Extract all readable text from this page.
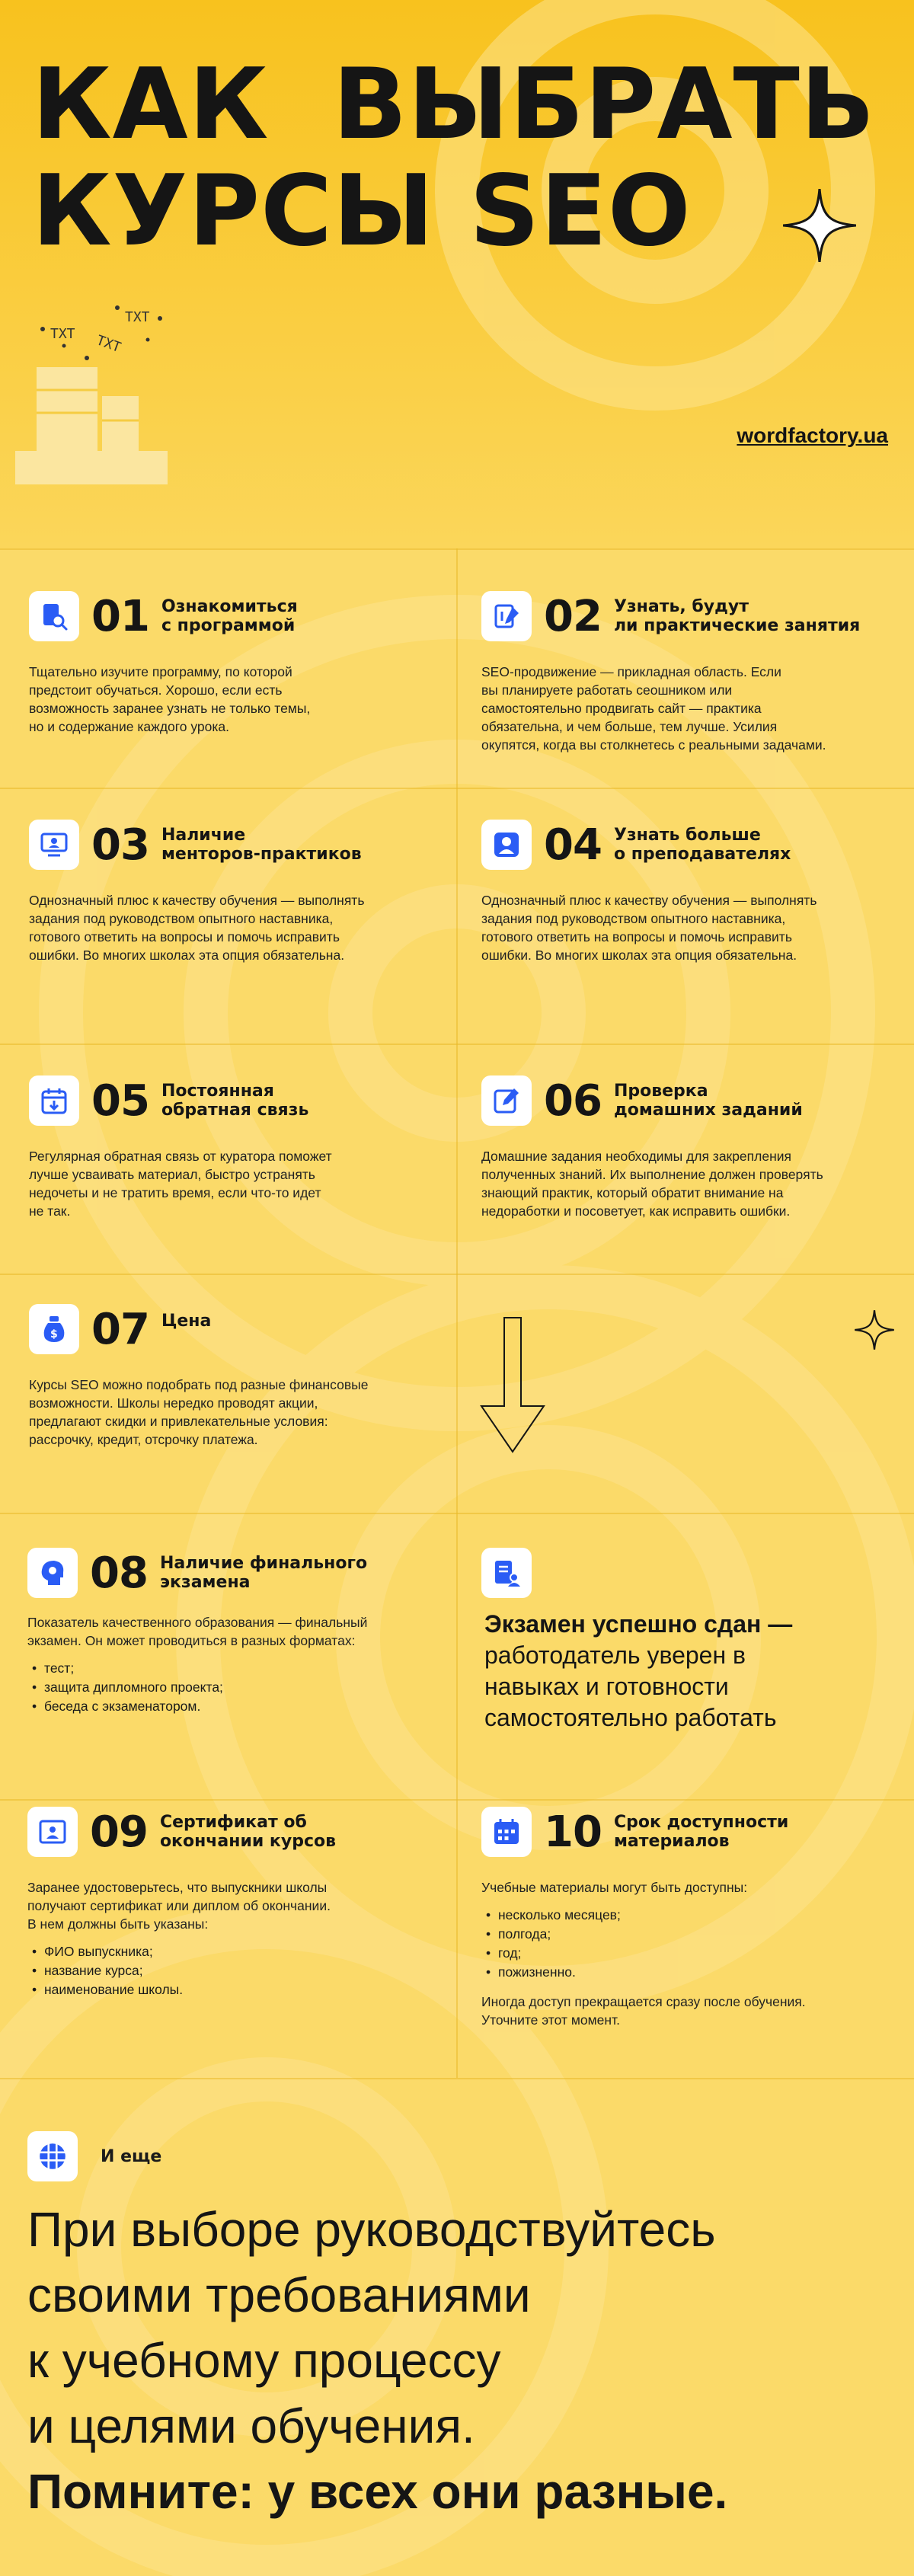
КАК ВЫБРАТЬ
КУРСЫ SEO
TXT TXT
TXT
wordfactory.ua
01 Ознакомиться
с программой
Тщательно изучите программу, по которой
предстоит обучаться. Хорошо, если есть
возможность заранее узнать не только темы,
но и содержание каждого урока.
02 Узнать, будут
ли практические занятия
SEO-продвижение — прикладная область. Если
вы планируете работать сеошником или
самостоятельно продвигать сайт — практика
обязательна, и чем больше, тем лучше. Усилия
окупятся, когда вы столкнетесь с реальными задачами.
03 Наличие
менторов-практиков
Однозначный плюс к качеству обучения — выполнять
задания под руководством опытного наставника,
готового ответить на вопросы и помочь исправить
ошибки. Во многих школах эта опция обязательна.
04 Узнать больше
о преподавателях
Однозначный плюс к качеству обучения — выполнять
задания под руководством опытного наставника,
готового ответить на вопросы и помочь исправить
ошибки. Во многих школах эта опция обязательна.
05 Постоянная
обратная связь
Регулярная обратная связь от куратора поможет
лучше усваивать материал, быстро устранять
недочеты и не тратить время, если что-то идет
не так.
06 Проверка
домашних заданий
Домашние задания необходимы для закрепления
полученных знаний. Их выполнение должен проверять
знающий практик, который обратит внимание на
недоработки и посоветует, как исправить ошибки.
$ 07 Цена
Курсы SEO можно подобрать под разные финансовые
возможности. Школы нередко проводят акции,
предлагают скидки и привлекательные условия:
рассрочку, кредит, отсрочку платежа.
08 Наличие финального
экзамена
Показатель качественного образования — финальный
экзамен. Он может проводиться в разных форматах:
• тест;
• защита дипломного проекта;
• беседа с экзаменатором.
Экзамен успешно сдан —
работодатель уверен в
навыках и готовности
самостоятельно работать
09 Сертификат об
окончании курсов
Заранее удостоверьтесь, что выпускники школы
получают сертификат или диплом об окончании.
В нем должны быть указаны:
• ФИО выпускника;
• название курса;
• наименование школы.
10 Срок доступности
материалов
Учебные материалы могут быть доступны:
• несколько месяцев;
• полгода;
• год;
• пожизненно.
Иногда доступ прекращается сразу после обучения.
Уточните этот момент.
И еще
При выборе руководствуйтесь
своими требованиями
к учебному процессу
и целями обучения.
Помните: у всех они разные.
